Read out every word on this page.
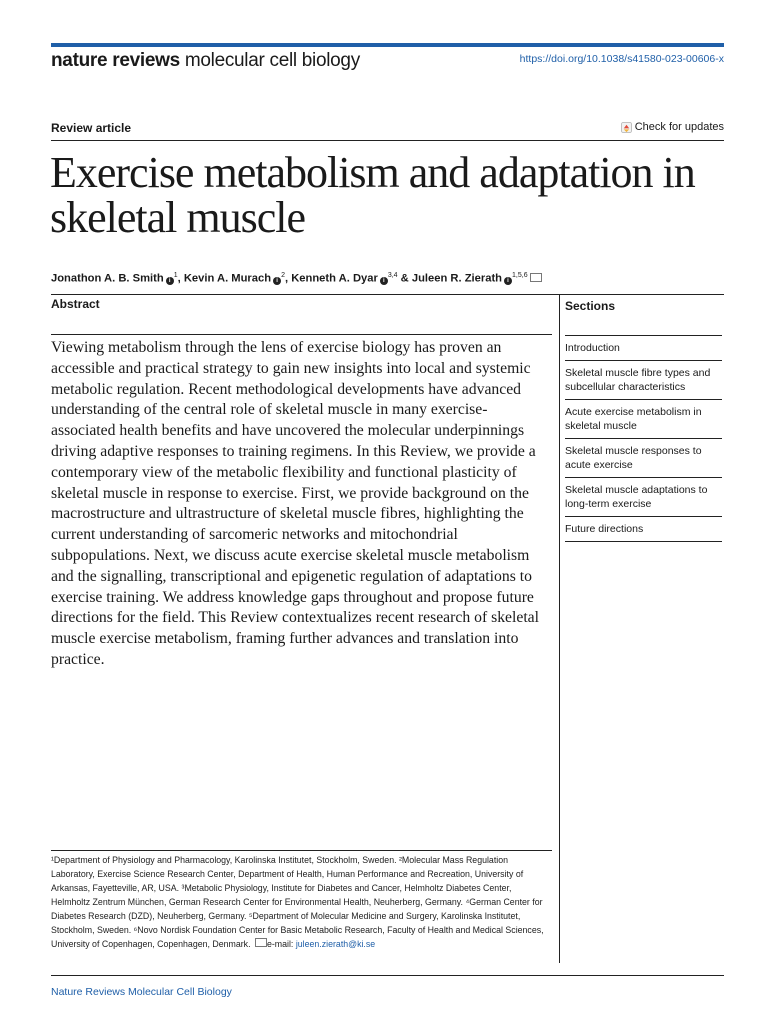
nature reviews molecular cell biology	https://doi.org/10.1038/s41580-023-00606-x
Review article	Check for updates
Exercise metabolism and adaptation in skeletal muscle
Jonathon A. B. Smith $i^1$, Kevin A. Murach $i^2$, Kenneth A. Dyar $i^{3,4}$ & Juleen R. Zierath $i^{1,5,6}$
Abstract

Viewing metabolism through the lens of exercise biology has proven an accessible and practical strategy to gain new insights into local and systemic metabolic regulation. Recent methodological developments have advanced understanding of the central role of skeletal muscle in many exercise-associated health benefits and have uncovered the molecular underpinnings driving adaptive responses to training regimens. In this Review, we provide a contemporary view of the metabolic flexibility and functional plasticity of skeletal muscle in response to exercise. First, we provide background on the macrostructure and ultrastructure of skeletal muscle fibres, highlighting the current understanding of sarcomeric networks and mitochondrial subpopulations. Next, we discuss acute exercise skeletal muscle metabolism and the signalling, transcriptional and epigenetic regulation of adaptations to exercise training. We address knowledge gaps throughout and propose future directions for the field. This Review contextualizes recent research of skeletal muscle exercise metabolism, framing further advances and translation into practice.

Sections
Introduction
Skeletal muscle fibre types and subcellular characteristics
Acute exercise metabolism in skeletal muscle
Skeletal muscle responses to acute exercise
Skeletal muscle adaptations to long-term exercise
Future directions

¹Department of Physiology and Pharmacology, Karolinska Institutet, Stockholm, Sweden. ²Molecular Mass Regulation Laboratory, Exercise Science Research Center, Department of Health, Human Performance and Recreation, University of Arkansas, Fayetteville, AR, USA. ³Metabolic Physiology, Institute for Diabetes and Cancer, Helmholtz Diabetes Center, Helmholtz Zentrum München, German Research Center for Environmental Health, Neuherberg, Germany. ⁴German Center for Diabetes Research (DZD), Neuherberg, Germany. ⁵Department of Molecular Medicine and Surgery, Karolinska Institutet, Stockholm, Sweden. ⁶Novo Nordisk Foundation Center for Basic Metabolic Research, Faculty of Health and Medical Sciences, University of Copenhagen, Copenhagen, Denmark. e-mail: juleen.zierath@ki.se

Nature Reviews Molecular Cell Biology
